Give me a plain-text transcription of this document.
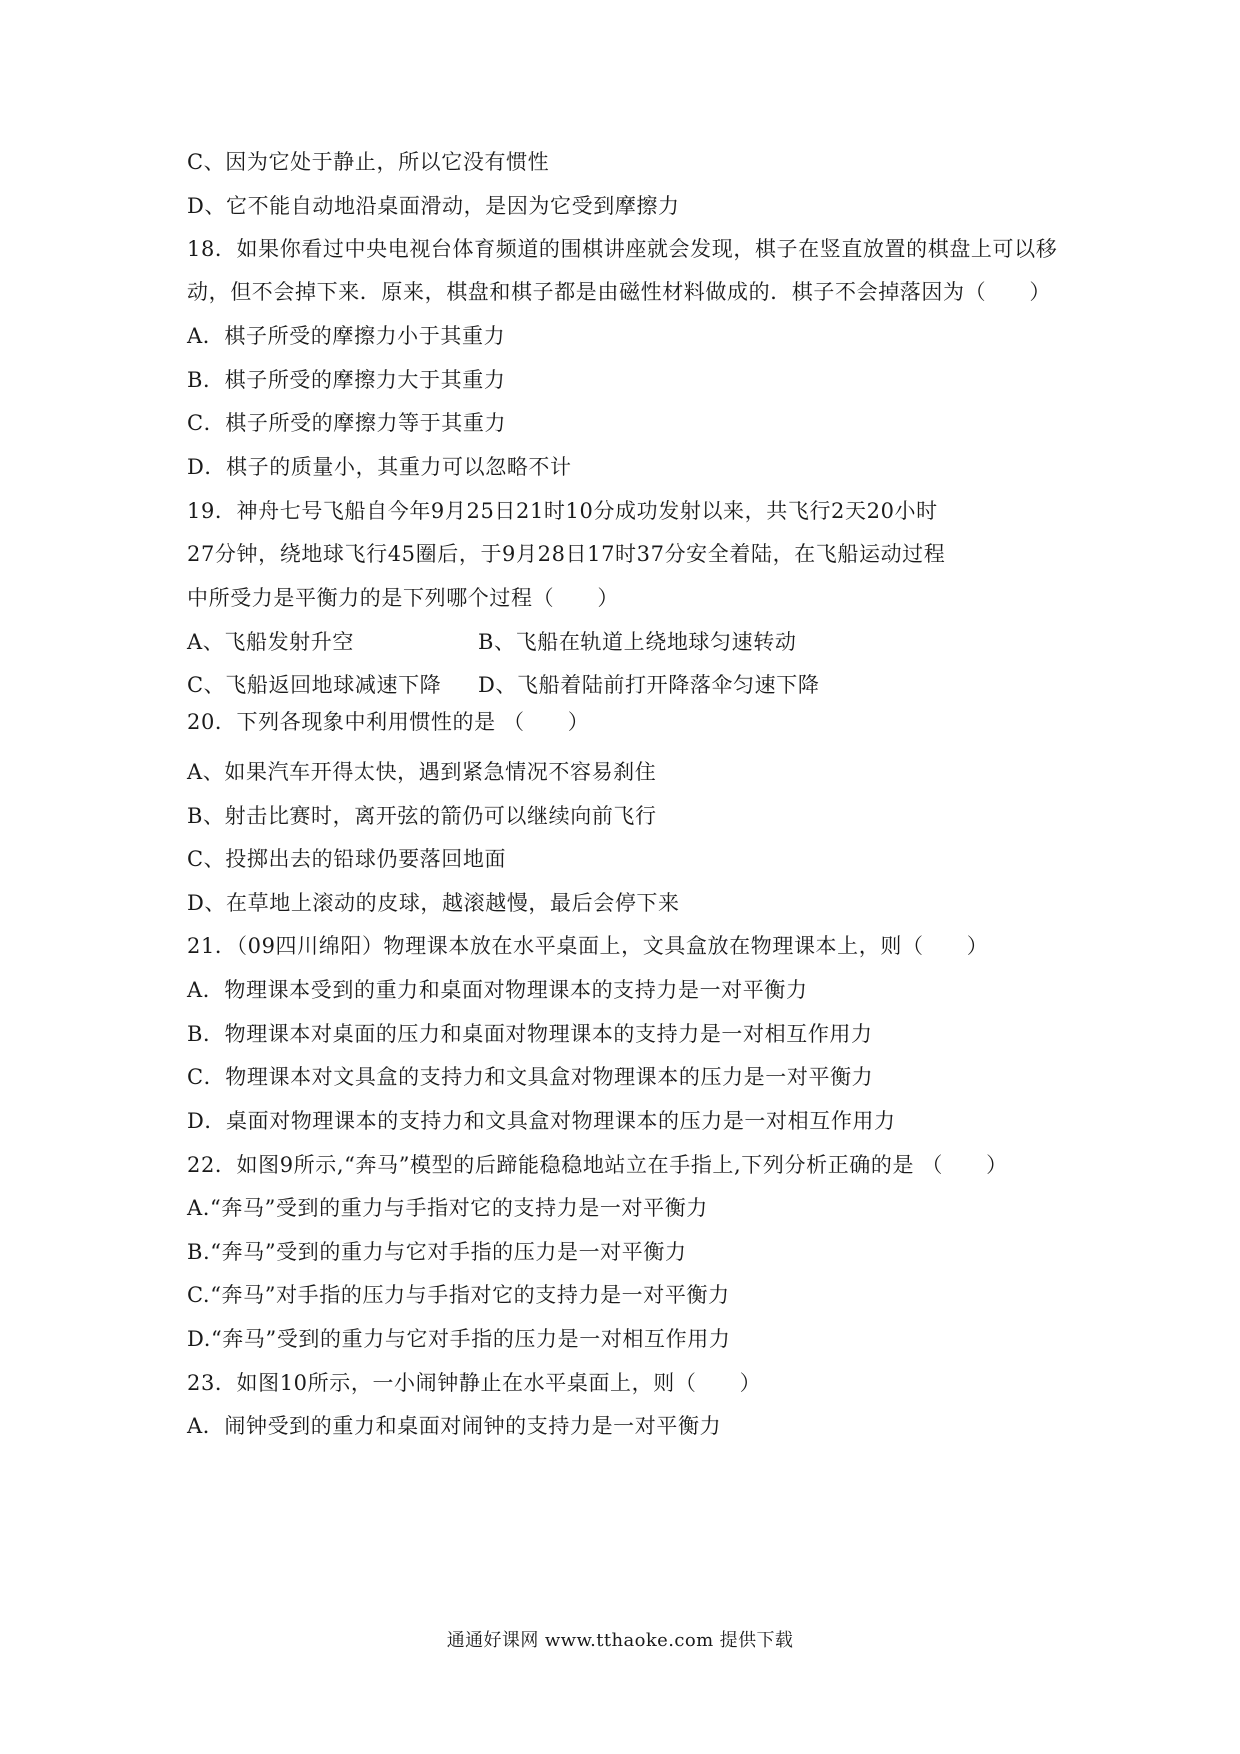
C、因为它处于静止，所以它没有惯性
D、它不能自动地沿桌面滑动，是因为它受到摩擦力
18．如果你看过中央电视台体育频道的围棋讲座就会发现，棋子在竖直放置的棋盘上可以移
动，但不会掉下来．原来，棋盘和棋子都是由磁性材料做成的．棋子不会掉落因为（　　）
A．棋子所受的摩擦力小于其重力
B．棋子所受的摩擦力大于其重力
C．棋子所受的摩擦力等于其重力
D．棋子的质量小，其重力可以忽略不计
19．神舟七号飞船自今年9月25日21时10分成功发射以来，共飞行2天20小时
27分钟，绕地球飞行45圈后，于9月28日17时37分安全着陆，在飞船运动过程
中所受力是平衡力的是下列哪个过程（　　）
A、飞船发射升空	B、飞船在轨道上绕地球匀速转动
C、飞船返回地球减速下降 D、飞船着陆前打开降落伞匀速下降
20．下列各现象中利用惯性的是 （　　）
A、如果汽车开得太快，遇到紧急情况不容易刹住
B、射击比赛时，离开弦的箭仍可以继续向前飞行
C、投掷出去的铅球仍要落回地面
D、在草地上滚动的皮球，越滚越慢，最后会停下来
21．（09四川绵阳）物理课本放在水平桌面上，文具盒放在物理课本上，则（　　）
A．物理课本受到的重力和桌面对物理课本的支持力是一对平衡力
B．物理课本对桌面的压力和桌面对物理课本的支持力是一对相互作用力
C．物理课本对文具盒的支持力和文具盒对物理课本的压力是一对平衡力
D．桌面对物理课本的支持力和文具盒对物理课本的压力是一对相互作用力
22．如图9所示,“奔马”模型的后蹄能稳稳地站立在手指上,下列分析正确的是 （　　）
A.“奔马”受到的重力与手指对它的支持力是一对平衡力
B.“奔马”受到的重力与它对手指的压力是一对平衡力
C.“奔马”对手指的压力与手指对它的支持力是一对平衡力
D.“奔马”受到的重力与它对手指的压力是一对相互作用力
23．如图10所示，一小闹钟静止在水平桌面上，则（　　）
A．闹钟受到的重力和桌面对闹钟的支持力是一对平衡力
通通好课网 www.tthaoke.com 提供下载
